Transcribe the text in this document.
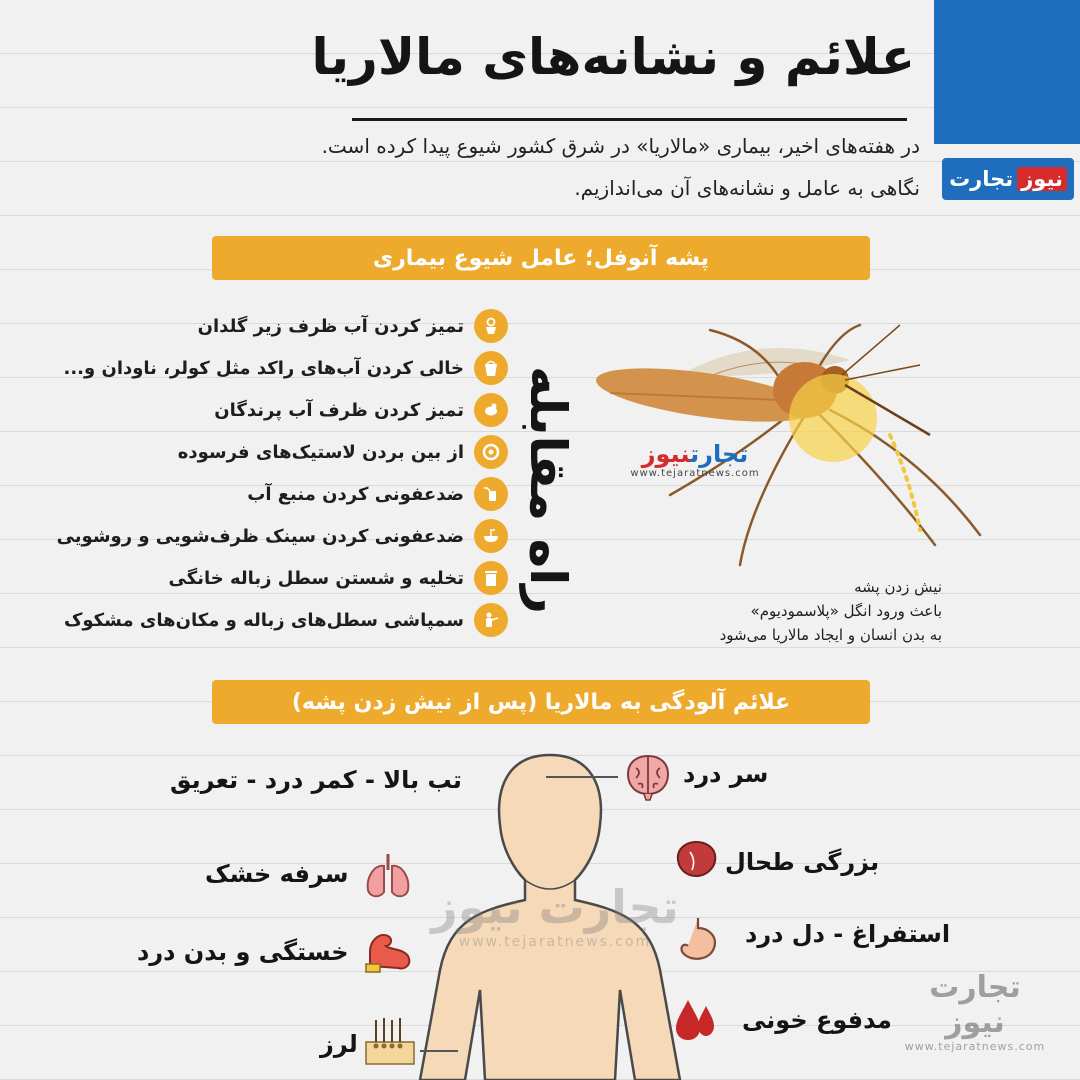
علائم و نشانه‌های مالاریا
در هفته‌های اخیر، بیماری «مالاریا» در شرق کشور شیوع پیدا کرده است.
نگاهی به عامل و نشانه‌های آن می‌اندازیم. تجارت نیوز
پشه آنوفل؛ عامل شیوع بیماری
تمیز کردن آب ظرف زیر گلدان
خالی کردن آب‌های راکد مثل کولر، ناودان و...
تمیز کردن ظرف آب پرندگان
از بین بردن لاستیک‌های فرسوده
ضدعفونی کردن منبع آب
ضدعفونی کردن سینک ظرف‌شویی و روشویی
تخلیه و شستن سطل زباله خانگی
سمپاشی سطل‌های زباله و مکان‌های مشکوک
راه مقابله	تجارتنیوز
www.tejaratnews.com
نیش زدن پشه
باعث ورود انگل «پلاسمودیوم»
به بدن انسان و ایجاد مالاریا می‌شود
علائم آلودگی به مالاریا (پس از نیش زدن پشه)
تجارت نیوز
www.tejaratnews.com
سر درد
بزرگی طحال
استفراغ - دل درد
مدفوع خونی
تب بالا - کمر درد - تعریق
سرفه خشک
خستگی و بدن درد
لرز
تجارت نیوز
www.tejaratnews.com
